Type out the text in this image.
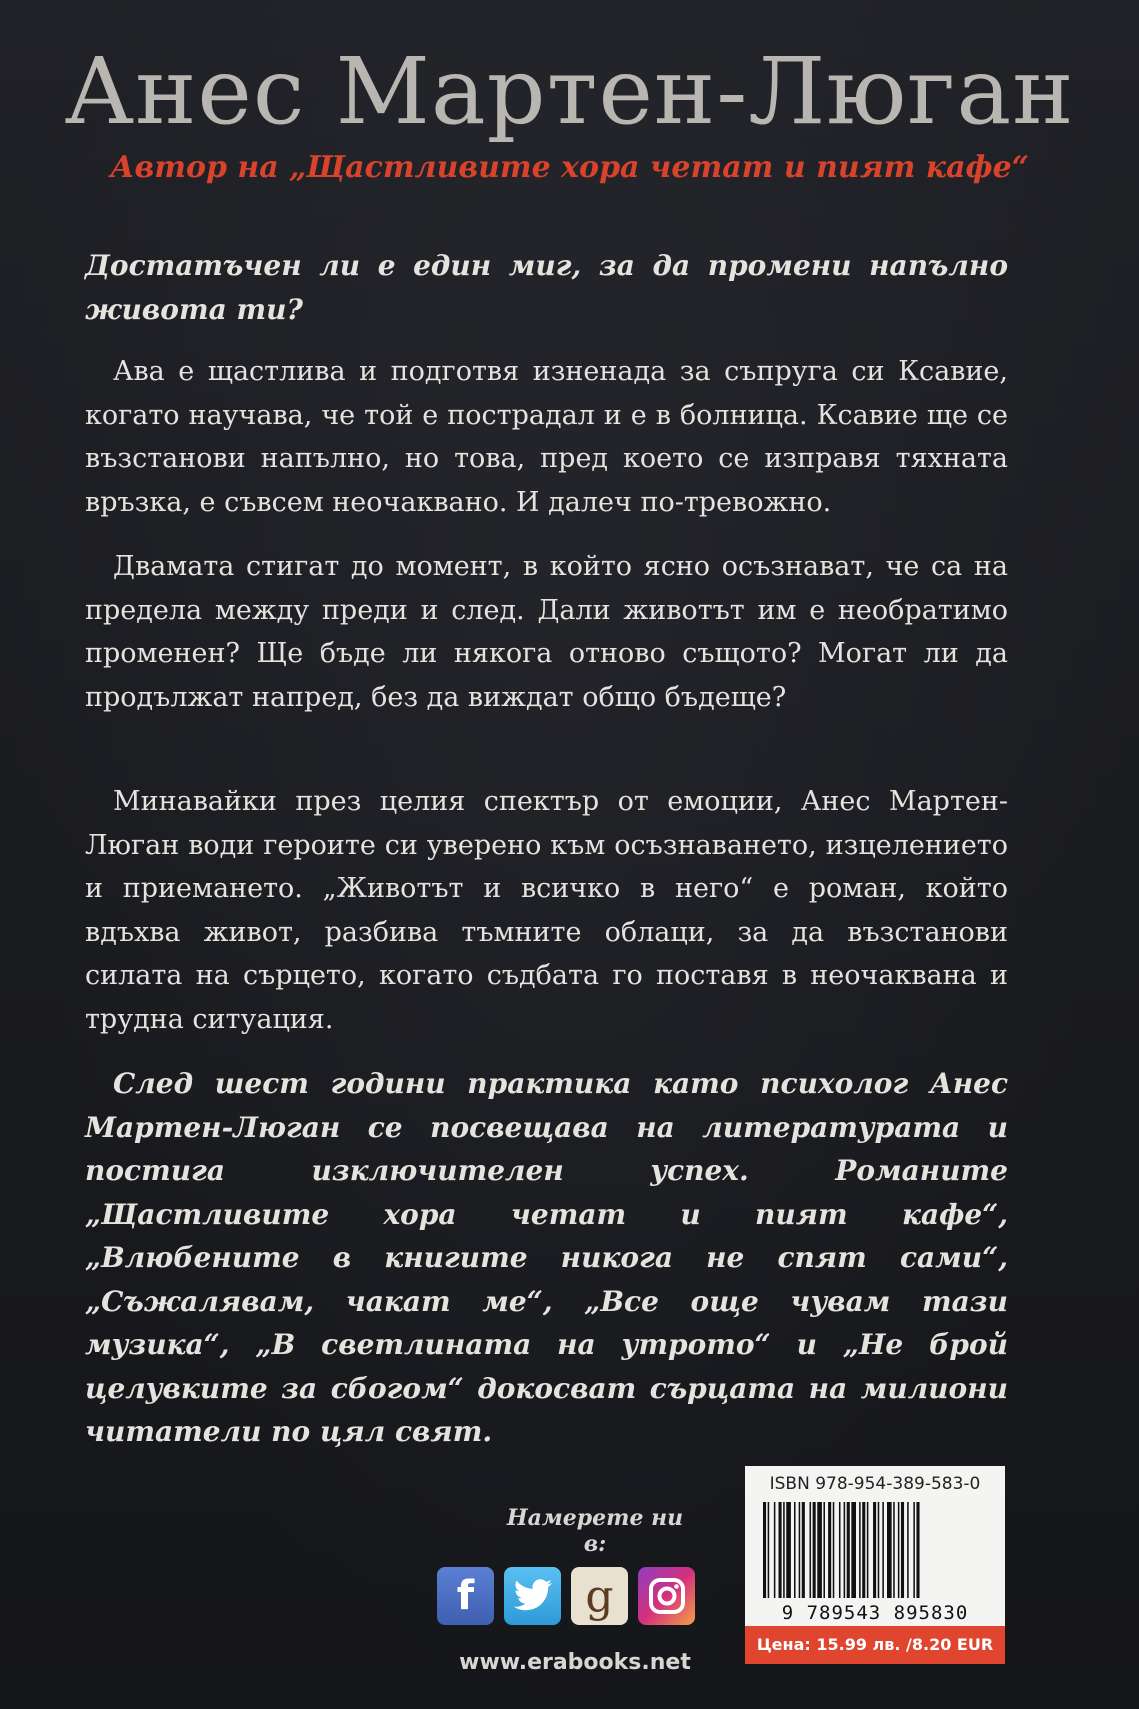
Анес Мартен-Люган
Автор на „Щастливите хора четат и пият кафе“

Достатъчен ли е един миг, за да промени напълно живота ти?

Ава е щастлива и подготвя изненада за съпруга си Ксавие, когато научава, че той е пострадал и е в болница. Ксавие ще се възстанови напълно, но това, пред което се изправя тяхната връзка, е съвсем неочаквано. И далеч по-тревожно.

Двамата стигат до момент, в който ясно осъзнават, че са на предела между преди и след. Дали животът им е необратимо променен? Ще бъде ли някога отново същото? Могат ли да продължат напред, без да виждат общо бъдеще?

Минавайки през целия спектър от емоции, Анес Мартен-Люган води героите си уверено към осъзнаването, изцелението и приемането. „Животът и всичко в него“ е роман, който вдъхва живот, разбива тъмните облаци, за да възстанови силата на сърцето, когато съдбата го поставя в неочаквана и трудна ситуация.

След шест години практика като психолог Анес Мартен-Люган се посвещава на литературата и постига изключителен успех. Романите „Щастливите хора четат и пият кафе“, „Влюбените в книгите никога не спят сами“, „Съжалявам, чакат ме“, „Все още чувам тази музика“, „В светлината на утрото“ и „Не брой целувките за сбогом“ докосват сърцата на милиони читатели по цял свят.

Намерете ни в:
f	g
www.erabooks.net
ISBN 978-954-389-583-0
9 789543 895830
Цена: 15.99 лв. /8.20 EUR
